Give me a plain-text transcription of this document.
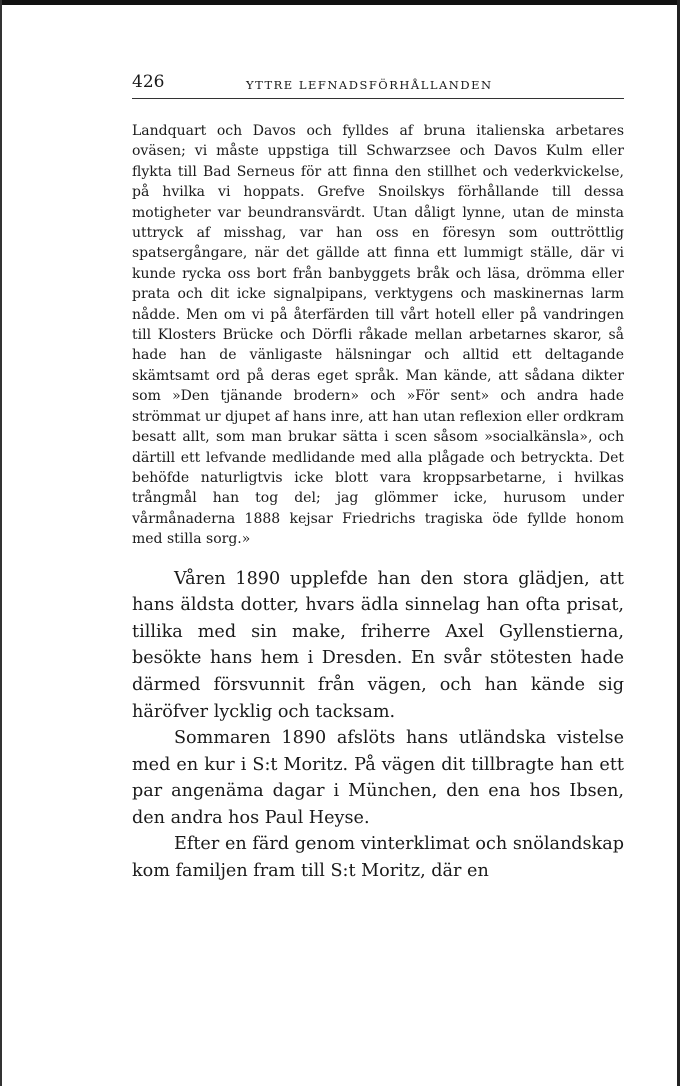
426	YTTRE LEFNADSFÖRHÅLLANDEN

Landquart och Davos och fylldes af bruna italienska arbetares oväsen; vi måste uppstiga till Schwarzsee och Davos Kulm eller flykta till Bad Serneus för att finna den stillhet och vederkvickelse, på hvilka vi hoppats. Grefve Snoilskys förhållande till dessa motigheter var beundransvärdt. Utan dåligt lynne, utan de minsta uttryck af misshag, var han oss en föresyn som outtröttlig spatsergångare, när det gällde att finna ett lummigt ställe, där vi kunde rycka oss bort från banbyggets bråk och läsa, drömma eller prata och dit icke signalpipans, verktygens och maskinernas larm nådde. Men om vi på återfärden till vårt hotell eller på vandringen till Klosters Brücke och Dörfli råkade mellan arbetarnes skaror, så hade han de vänligaste hälsningar och alltid ett deltagande skämtsamt ord på deras eget språk. Man kände, att sådana dikter som »Den tjänande brodern» och »För sent» och andra hade strömmat ur djupet af hans inre, att han utan reflexion eller ordkram besatt allt, som man brukar sätta i scen såsom »socialkänsla», och därtill ett lefvande medlidande med alla plågade och betryckta. Det behöfde naturligtvis icke blott vara kroppsarbetarne, i hvilkas trångmål han tog del; jag glömmer icke, hurusom under vårmånaderna 1888 kejsar Friedrichs tragiska öde fyllde honom med stilla sorg.»

Våren 1890 upplefde han den stora glädjen, att hans äldsta dotter, hvars ädla sinnelag han ofta prisat, tillika med sin make, friherre Axel Gyllenstierna, besökte hans hem i Dresden. En svår stötesten hade därmed försvunnit från vägen, och han kände sig häröfver lycklig och tacksam.

Sommaren 1890 afslöts hans utländska vistelse med en kur i S:t Moritz. På vägen dit tillbragte han ett par angenäma dagar i München, den ena hos Ibsen, den andra hos Paul Heyse.

Efter en färd genom vinterklimat och snölandskap kom familjen fram till S:t Moritz, där en
